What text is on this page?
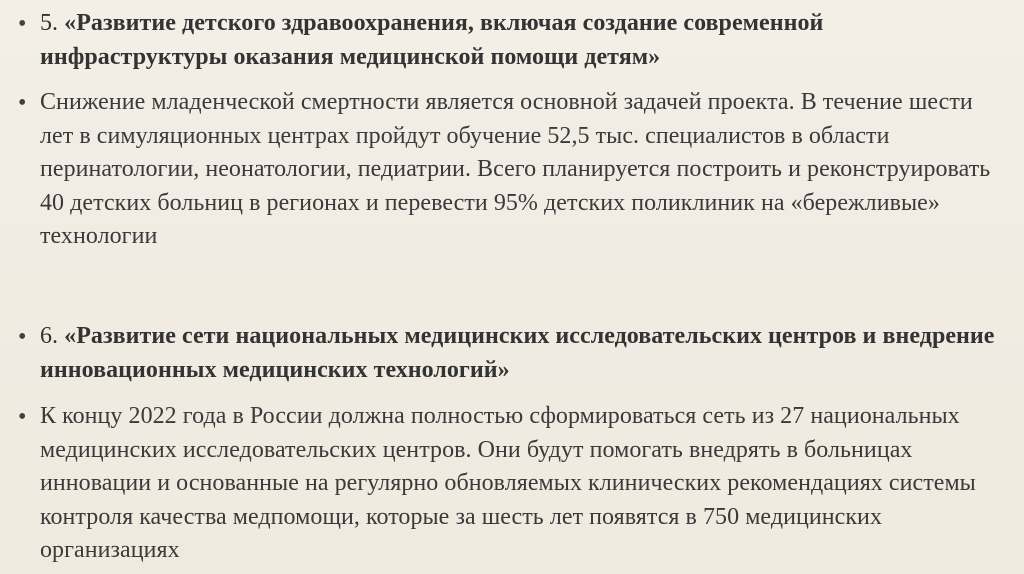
• 5. «Развитие детского здравоохранения, включая создание современной инфраструктуры оказания медицинской помощи детям»
• Снижение младенческой смертности является основной задачей проекта. В течение шести лет в симуляционных центрах пройдут обучение 52,5 тыс. специалистов в области перинатологии, неонатологии, педиатрии. Всего планируется построить и реконструировать 40 детских больниц в регионах и перевести 95% детских поликлиник на «бережливые» технологии
• 6. «Развитие сети национальных медицинских исследовательских центров и внедрение инновационных медицинских технологий»
• К концу 2022 года в России должна полностью сформироваться сеть из 27 национальных медицинских исследовательских центров. Они будут помогать внедрять в больницах инновации и основанные на регулярно обновляемых клинических рекомендациях системы контроля качества медпомощи, которые за шесть лет появятся в 750 медицинских организациях
